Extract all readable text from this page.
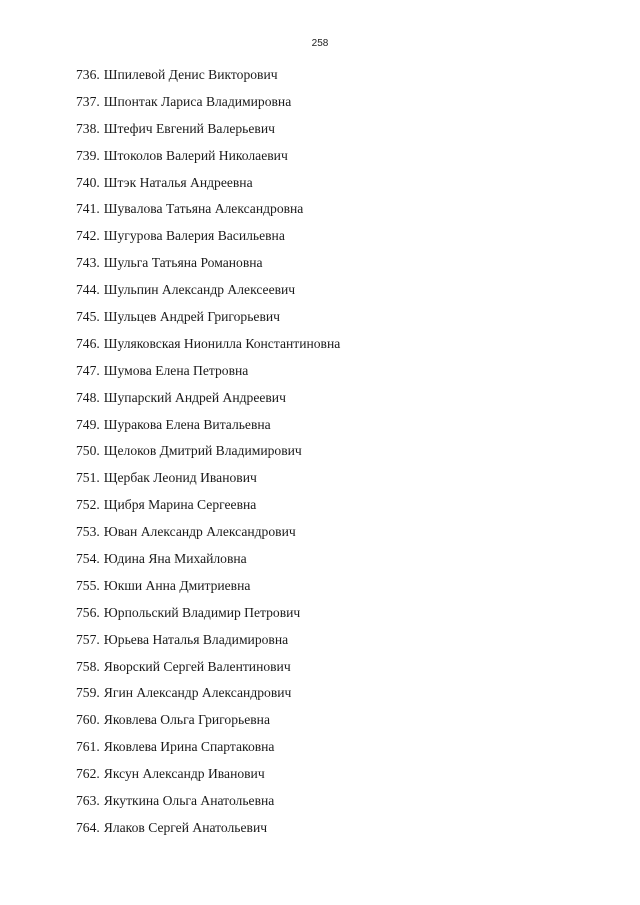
258
736. Шпилевой Денис Викторович
737. Шпонтак Лариса Владимировна
738. Штефич Евгений Валерьевич
739. Штоколов Валерий Николаевич
740. Штэк Наталья Андреевна
741. Шувалова Татьяна Александровна
742. Шугурова Валерия Васильевна
743. Шульга Татьяна Романовна
744. Шульпин Александр Алексеевич
745. Шульцев Андрей Григорьевич
746. Шуляковская Нионилла Константиновна
747. Шумова Елена Петровна
748. Шупарский Андрей Андреевич
749. Шуракова Елена Витальевна
750. Щелоков Дмитрий Владимирович
751. Щербак Леонид Иванович
752. Щибря Марина Сергеевна
753. Юван Александр Александрович
754. Юдина Яна Михайловна
755. Юкши Анна Дмитриевна
756. Юрпольский Владимир Петрович
757. Юрьева Наталья Владимировна
758. Яворский Сергей Валентинович
759. Ягин Александр Александрович
760. Яковлева Ольга Григорьевна
761. Яковлева Ирина Спартаковна
762. Яксун Александр Иванович
763. Якуткина Ольга Анатольевна
764. Ялаков Сергей Анатольевич
